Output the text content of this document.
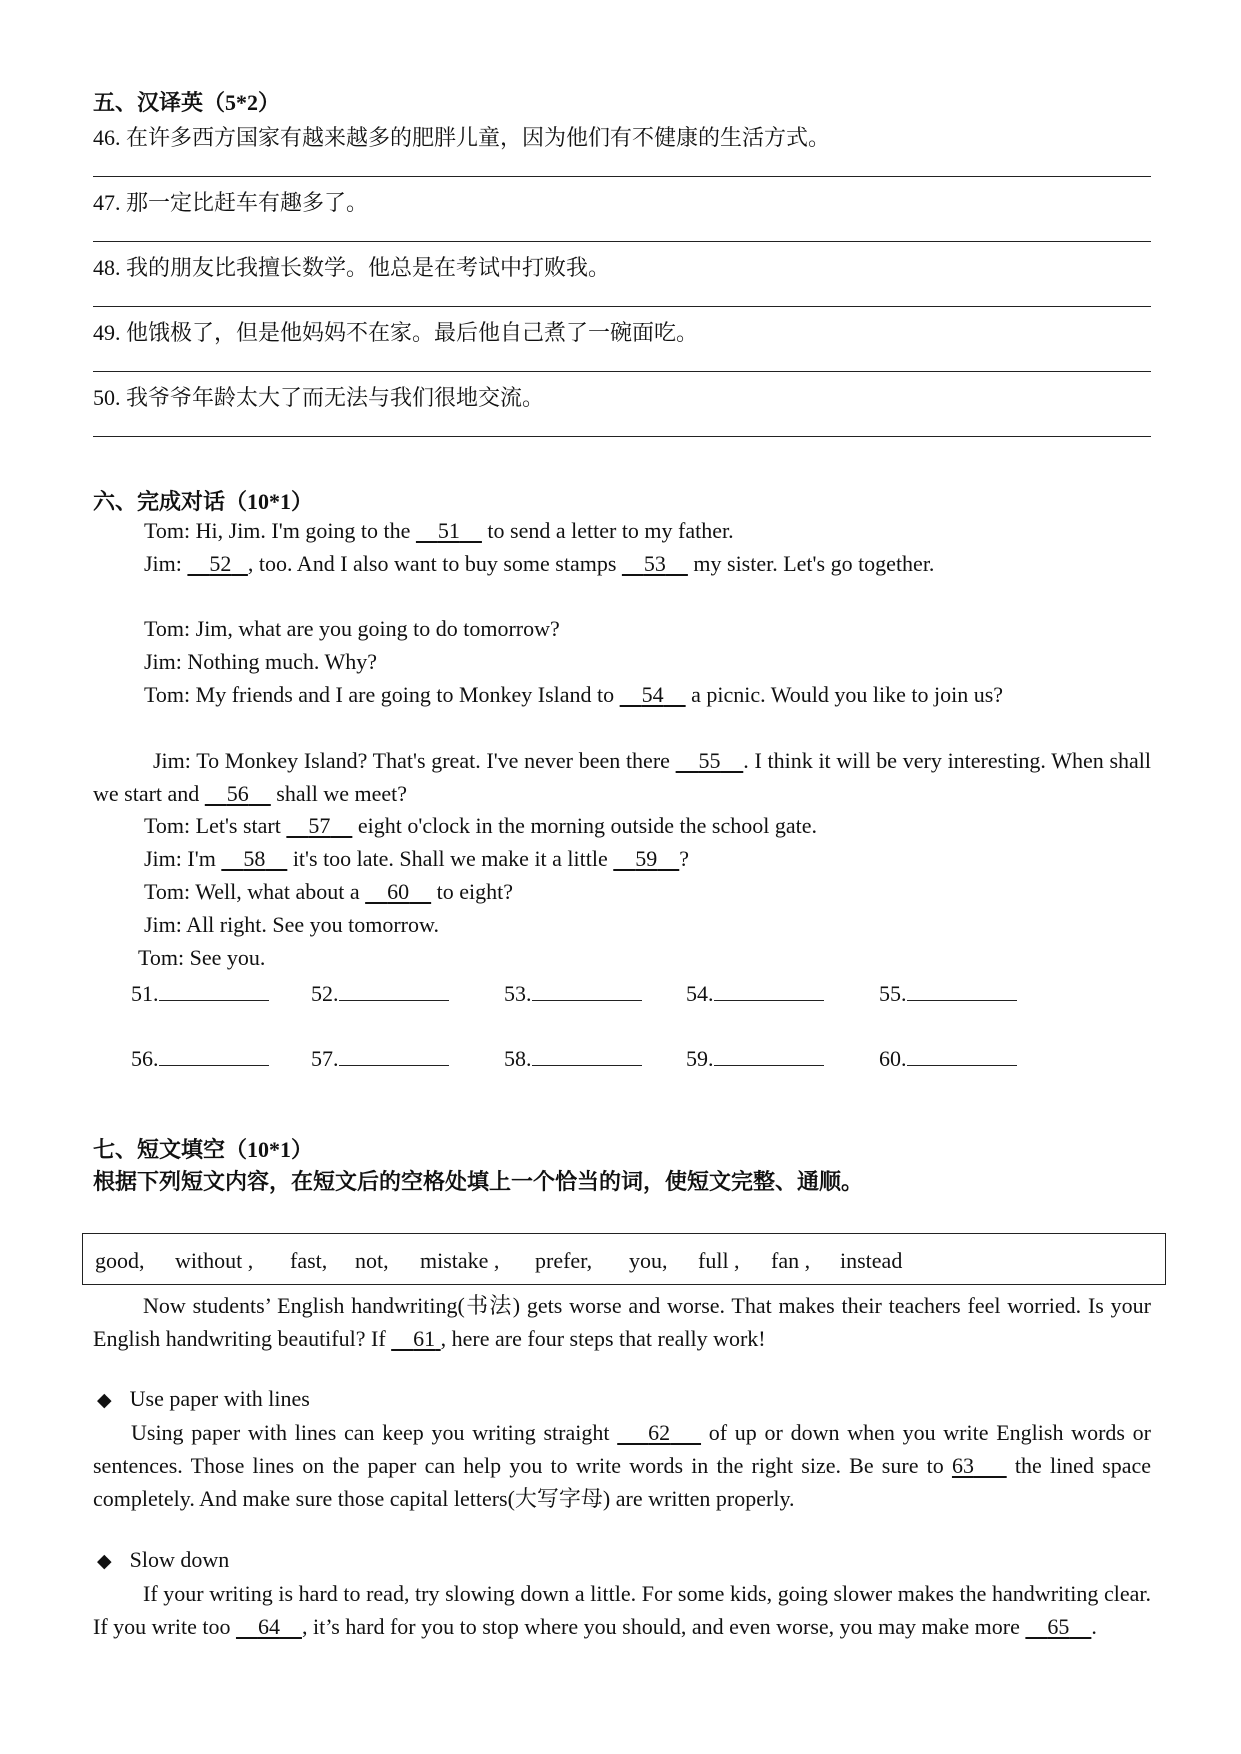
五、汉译英（5*2）
46. 在许多西方国家有越来越多的肥胖儿童，因为他们有不健康的生活方式。
47. 那一定比赶车有趣多了。
48. 我的朋友比我擅长数学。他总是在考试中打败我。
49. 他饿极了，但是他妈妈不在家。最后他自己煮了一碗面吃。
50. 我爷爷年龄太大了而无法与我们很地交流。
六、完成对话（10*1）
Tom: Hi, Jim. I'm going to the     51     to send a letter to my father.
Jim:     52 , too. And I also want to buy some stamps     53     my sister. Let's go together.
Tom: Jim, what are you going to do tomorrow?
Jim: Nothing much. Why?
Tom: My friends and I are going to Monkey Island to     54     a picnic. Would you like to join us?
Jim: To Monkey Island? That's great. I've never been there     55 . I think it will be very interesting. When shall we start and     56     shall we meet?
Tom: Let's start     57     eight o'clock in the morning outside the school gate.
Jim: I'm     58     it's too late. Shall we make it a little     59 ?
Tom: Well, what about a     60     to eight?
Jim: All right. See you tomorrow.
Tom: See you.
51.	52.	53.	54.	55.
56.	57.	58.	59.	60.
七、短文填空（10*1）
根据下列短文内容，在短文后的空格处填上一个恰当的词，使短文完整、通顺。
good, without , fast, not, mistake , prefer, you, full , fan , instead
Now students’ English handwriting(书法) gets worse and worse. That makes their teachers feel worried. Is your English handwriting beautiful? If     61 , here are four steps that really work!
◆ Use paper with lines
Using paper with lines can keep you writing straight     62     of up or down when you write English words or sentences. Those lines on the paper can help you to write words in the right size. Be sure to 63     the lined space completely. And make sure those capital letters(大写字母) are written properly.
◆ Slow down
If your writing is hard to read, try slowing down a little. For some kids, going slower makes the handwriting clear. If you write too     64 , it’s hard for you to stop where you should, and even worse, you may make more     65 .
